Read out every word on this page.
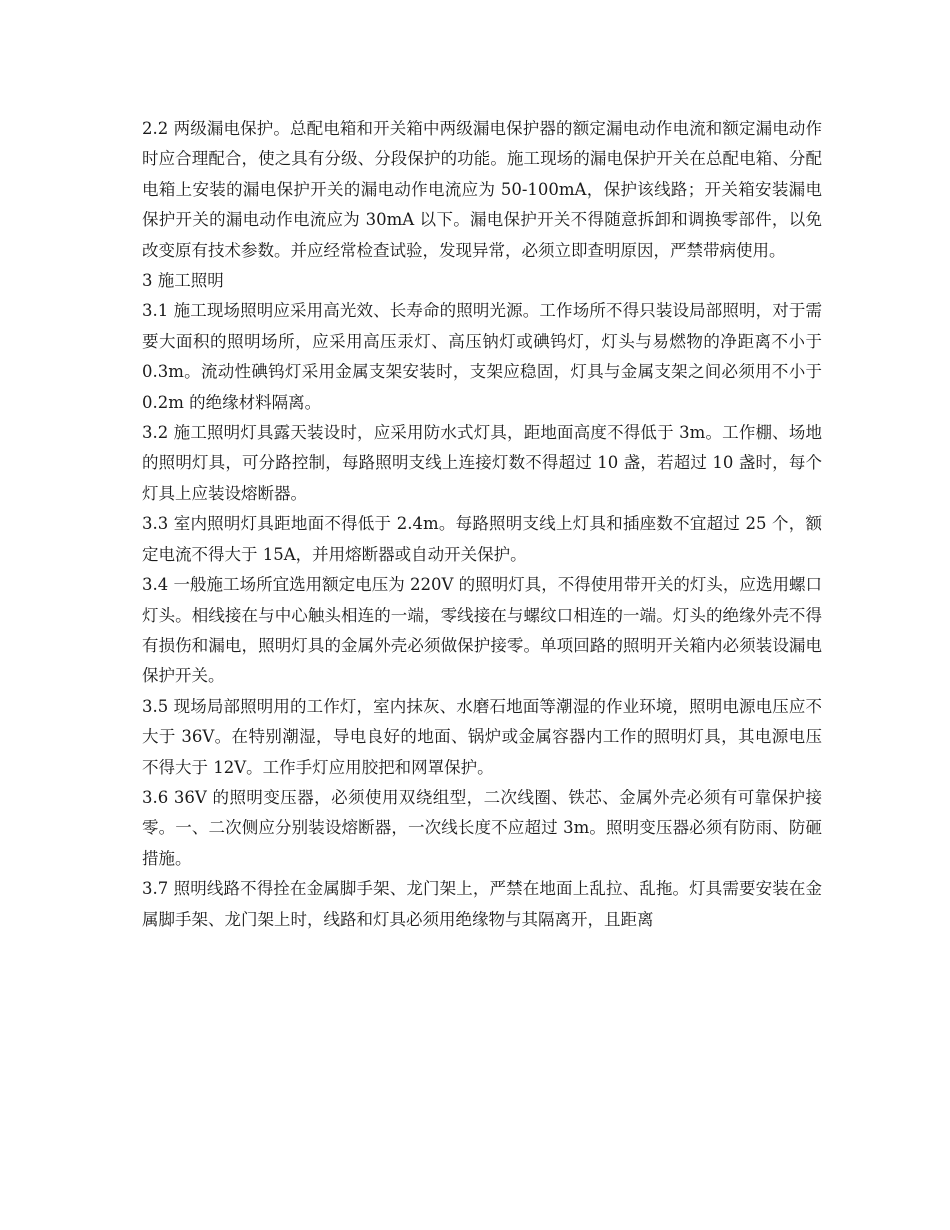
2.2 两级漏电保护。总配电箱和开关箱中两级漏电保护器的额定漏电动作电流和额定漏电动作时应合理配合，使之具有分级、分段保护的功能。施工现场的漏电保护开关在总配电箱、分配电箱上安装的漏电保护开关的漏电动作电流应为 50-100mA，保护该线路；开关箱安装漏电保护开关的漏电动作电流应为 30mA 以下。漏电保护开关不得随意拆卸和调换零部件，以免改变原有技术参数。并应经常检查试验，发现异常，必须立即查明原因，严禁带病使用。

3 施工照明

3.1 施工现场照明应采用高光效、长寿命的照明光源。工作场所不得只装设局部照明，对于需要大面积的照明场所，应采用高压汞灯、高压钠灯或碘钨灯，灯头与易燃物的净距离不小于 0.3m。流动性碘钨灯采用金属支架安装时，支架应稳固，灯具与金属支架之间必须用不小于 0.2m 的绝缘材料隔离。

3.2 施工照明灯具露天装设时，应采用防水式灯具，距地面高度不得低于 3m。工作棚、场地的照明灯具，可分路控制，每路照明支线上连接灯数不得超过 10 盏，若超过 10 盏时，每个灯具上应装设熔断器。

3.3 室内照明灯具距地面不得低于 2.4m。每路照明支线上灯具和插座数不宜超过 25 个，额定电流不得大于 15A，并用熔断器或自动开关保护。

3.4 一般施工场所宜选用额定电压为 220V 的照明灯具，不得使用带开关的灯头，应选用螺口灯头。相线接在与中心触头相连的一端，零线接在与螺纹口相连的一端。灯头的绝缘外壳不得有损伤和漏电，照明灯具的金属外壳必须做保护接零。单项回路的照明开关箱内必须装设漏电保护开关。

3.5 现场局部照明用的工作灯，室内抹灰、水磨石地面等潮湿的作业环境，照明电源电压应不大于 36V。在特别潮湿，导电良好的地面、锅炉或金属容器内工作的照明灯具，其电源电压不得大于 12V。工作手灯应用胶把和网罩保护。

3.6 36V 的照明变压器，必须使用双绕组型，二次线圈、铁芯、金属外壳必须有可靠保护接零。一、二次侧应分别装设熔断器，一次线长度不应超过 3m。照明变压器必须有防雨、防砸措施。

3.7 照明线路不得拴在金属脚手架、龙门架上，严禁在地面上乱拉、乱拖。灯具需要安装在金属脚手架、龙门架上时，线路和灯具必须用绝缘物与其隔离开，且距离
